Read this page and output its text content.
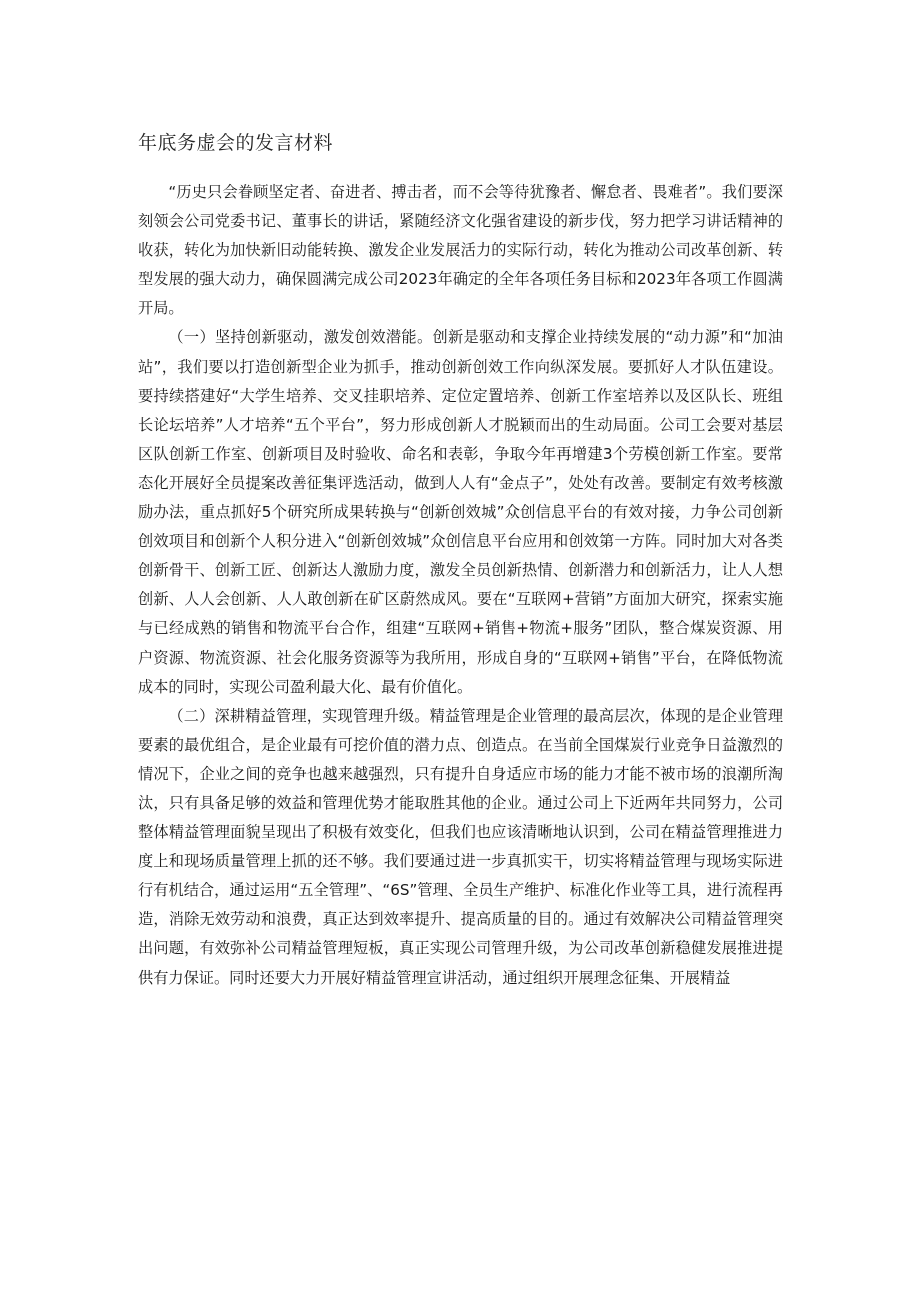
年底务虚会的发言材料

“历史只会眷顾坚定者、奋进者、搏击者，而不会等待犹豫者、懈怠者、畏难者”。我们要深刻领会公司党委书记、董事长的讲话，紧随经济文化强省建设的新步伐，努力把学习讲话精神的收获，转化为加快新旧动能转换、激发企业发展活力的实际行动，转化为推动公司改革创新、转型发展的强大动力，确保圆满完成公司2023年确定的全年各项任务目标和2023年各项工作圆满开局。

（一）坚持创新驱动，激发创效潜能。创新是驱动和支撑企业持续发展的“动力源”和“加油站”，我们要以打造创新型企业为抓手，推动创新创效工作向纵深发展。要抓好人才队伍建设。要持续搭建好“大学生培养、交叉挂职培养、定位定置培养、创新工作室培养以及区队长、班组长论坛培养”人才培养“五个平台”，努力形成创新人才脱颖而出的生动局面。公司工会要对基层区队创新工作室、创新项目及时验收、命名和表彰，争取今年再增建3个劳模创新工作室。要常态化开展好全员提案改善征集评选活动，做到人人有“金点子”，处处有改善。要制定有效考核激励办法，重点抓好5个研究所成果转换与“创新创效城”众创信息平台的有效对接，力争公司创新创效项目和创新个人积分进入“创新创效城”众创信息平台应用和创效第一方阵。同时加大对各类创新骨干、创新工匠、创新达人激励力度，激发全员创新热情、创新潜力和创新活力，让人人想创新、人人会创新、人人敢创新在矿区蔚然成风。要在“互联网+营销”方面加大研究，探索实施与已经成熟的销售和物流平台合作，组建“互联网+销售+物流+服务”团队，整合煤炭资源、用户资源、物流资源、社会化服务资源等为我所用，形成自身的“互联网+销售”平台，在降低物流成本的同时，实现公司盈利最大化、最有价值化。

（二）深耕精益管理，实现管理升级。精益管理是企业管理的最高层次，体现的是企业管理要素的最优组合，是企业最有可挖价值的潜力点、创造点。在当前全国煤炭行业竞争日益激烈的情况下，企业之间的竞争也越来越强烈，只有提升自身适应市场的能力才能不被市场的浪潮所淘汰，只有具备足够的效益和管理优势才能取胜其他的企业。通过公司上下近两年共同努力，公司整体精益管理面貌呈现出了积极有效变化，但我们也应该清晰地认识到，公司在精益管理推进力度上和现场质量管理上抓的还不够。我们要通过进一步真抓实干，切实将精益管理与现场实际进行有机结合，通过运用“五全管理”、“6S”管理、全员生产维护、标准化作业等工具，进行流程再造，消除无效劳动和浪费，真正达到效率提升、提高质量的目的。通过有效解决公司精益管理突出问题，有效弥补公司精益管理短板，真正实现公司管理升级，为公司改革创新稳健发展推进提供有力保证。同时还要大力开展好精益管理宣讲活动，通过组织开展理念征集、开展精益
